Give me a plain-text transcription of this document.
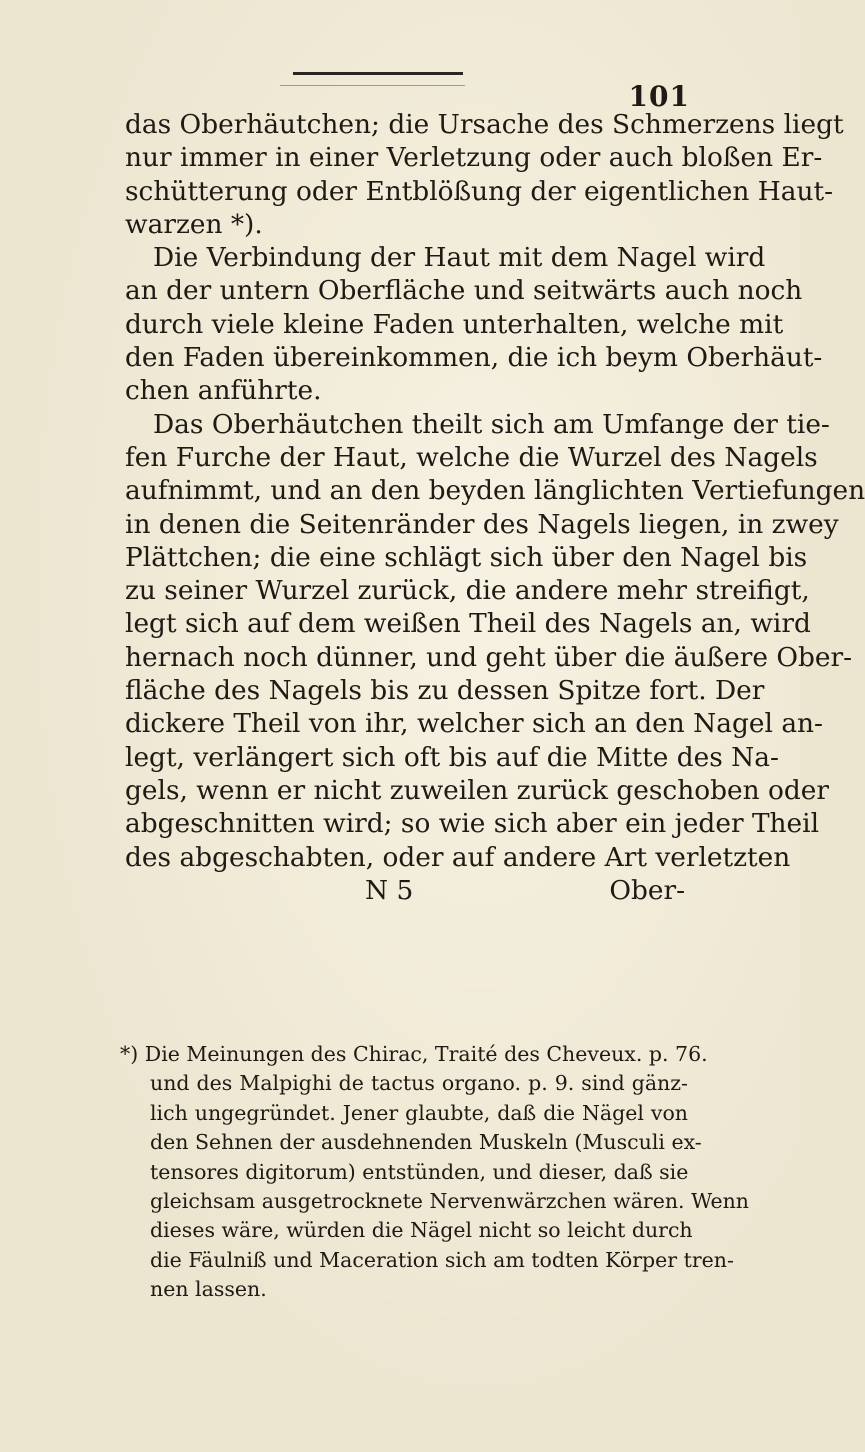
101
das Oberhäutchen; die Ursache des Schmerzens liegt
nur immer in einer Verletzung oder auch bloßen Er-
schütterung oder Entblößung der eigentlichen Haut-
warzen *).
Die Verbindung der Haut mit dem Nagel wird
an der untern Oberfläche und seitwärts auch noch
durch viele kleine Faden unterhalten, welche mit
den Faden übereinkommen, die ich beym Oberhäut-
chen anführte.
Das Oberhäutchen theilt sich am Umfange der tie-
fen Furche der Haut, welche die Wurzel des Nagels
aufnimmt, und an den beyden länglichten Vertiefungen
in denen die Seitenränder des Nagels liegen, in zwey
Plättchen; die eine schlägt sich über den Nagel bis
zu seiner Wurzel zurück, die andere mehr streifigt,
legt sich auf dem weißen Theil des Nagels an, wird
hernach noch dünner, und geht über die äußere Ober-
fläche des Nagels bis zu dessen Spitze fort. Der
dickere Theil von ihr, welcher sich an den Nagel an-
legt, verlängert sich oft bis auf die Mitte des Na-
gels, wenn er nicht zuweilen zurück geschoben oder
abgeschnitten wird; so wie sich aber ein jeder Theil
des abgeschabten, oder auf andere Art verletzten
N 5	Ober-
*) Die Meinungen des Chirac, Traité des Cheveux. p. 76.
und des Malpighi de tactus organo. p. 9. sind gänz-
lich ungegründet. Jener glaubte, daß die Nägel von
den Sehnen der ausdehnenden Muskeln (Musculi ex-
tensores digitorum) entstünden, und dieser, daß sie
gleichsam ausgetrocknete Nervenwärzchen wären. Wenn
dieses wäre, würden die Nägel nicht so leicht durch
die Fäulniß und Maceration sich am todten Körper tren-
nen lassen.
